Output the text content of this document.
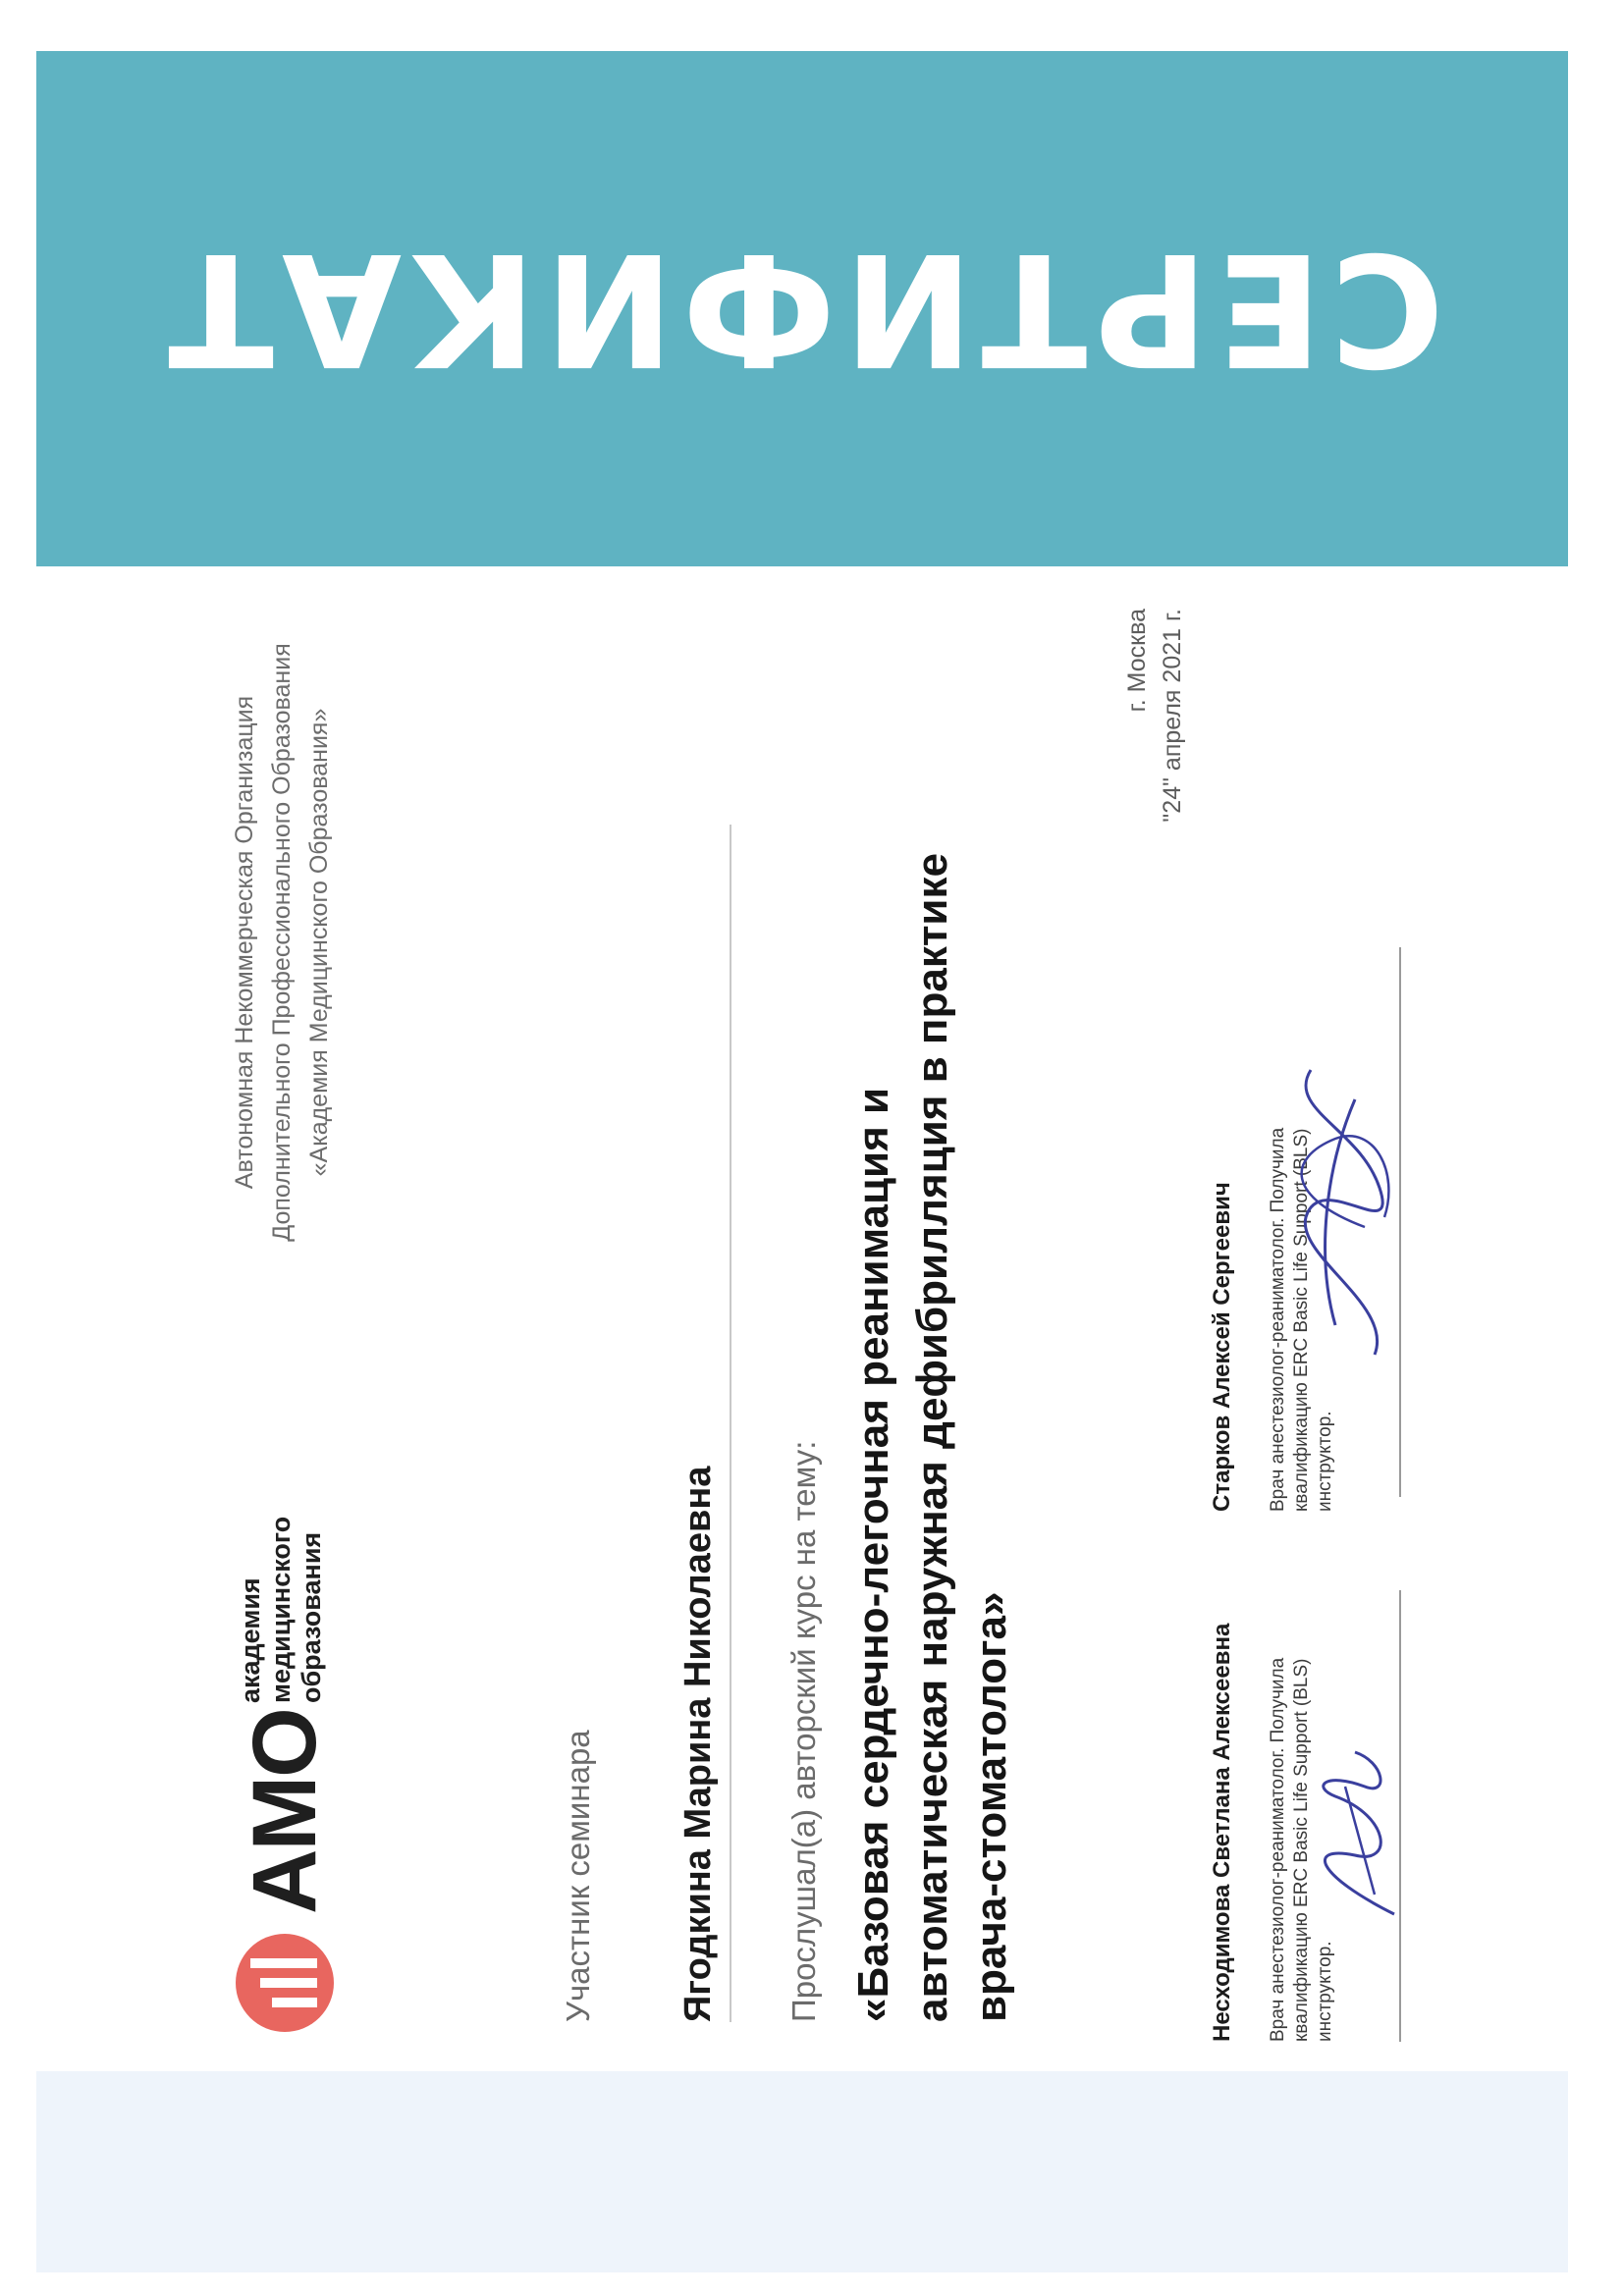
СЕРТИФИКАТ
АМО
академия медицинского образования
Автономная Некоммерческая Организация Дополнительного Профессионального Образования «Академия Медицинского Образования»
Участник семинара Ягодкина Марина Николаевна Прослушал(а) авторский курс на тему: «Базовая сердечно-легочная реанимация и автоматическая наружная дефибрилляция в практике врача-стоматолога»
г. Москва "24" апреля 2021 г.
Несходимова Светлана Алексеевна Врач анестезиолог-реаниматолог. Получила квалификацию ERC Basic Life Support (BLS) инструктор.
Старков Алексей Сергеевич Врач анестезиолог-реаниматолог. Получила квалификацию ERC Basic Life Support (BLS) инструктор.
